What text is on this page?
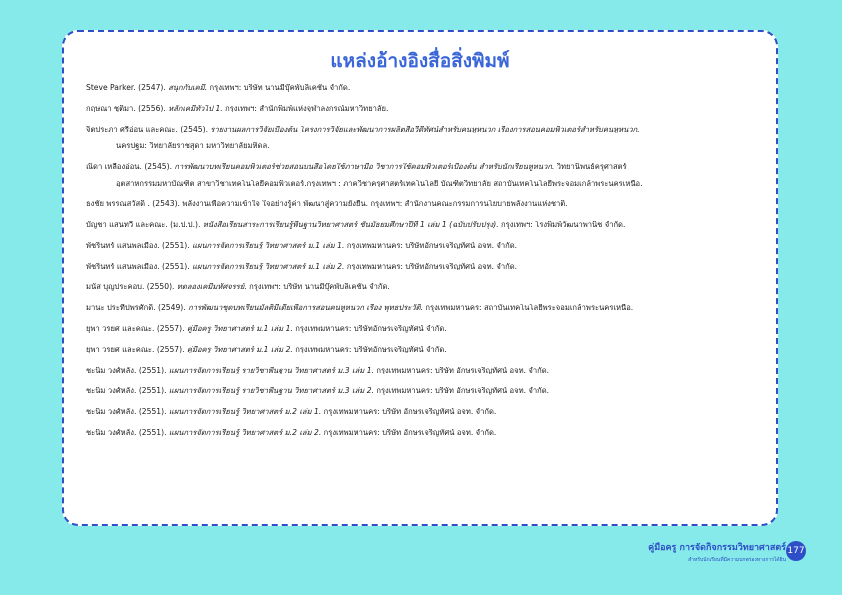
แหล่งอ้างอิงสื่อสิ่งพิมพ์
Steve Parker. (2547). สนุกกับเคมี. กรุงเทพฯ: บริษัท นานมีบุ๊คพับลิเคชั่น จำกัด.
กฤษณา ชุติมา. (2556). หลักเคมีทั่วไป 1. กรุงเทพฯ: สำนักพิมพ์แห่งจุฬาลงกรณ์มหาวิทยาลัย.
จิตประภา ศรีอ่อน และคณะ. (2545). รายงานผลการวิจัยเบื้องต้น โครงการวิจัยและพัฒนาการผลิตสื่อวีดีทัศน์สำหรับคนหูหนวก เรื่องการสอนคอมพิวเตอร์สำหรับคนหูหนวก.
นครปฐม: วิทยาลัยราชสุดา มหาวิทยาลัยมหิดล.
ณิดา เหลืองอ่อน. (2545). การพัฒนาบทเรียนคอมพิวเตอร์ช่วยสอนบนสื่อโดยใช้ภาษามือ วิชาการใช้คอมพิวเตอร์เบื้องต้น สำหรับนักเรียนหูหนวก. วิทยานิพนธ์ครุศาสตร์
อุตสาหกรรมมหาบัณฑิต สาขาวิชาเทคโนโลยีคอมพิวเตอร์.กรุงเทพฯ : ภาควิชาครุศาสตร์เทคโนโลยี บัณฑิตวิทยาลัย สถาบันเทคโนโลยีพระจอมเกล้าพระนครเหนือ.
ธงชัย พรรณสวัสดิ์ . (2543). พลังงานเพื่อความเข้าใจ ใจอย่างรู้ค่า พัฒนาสู่ความยั่งยืน. กรุงเทพฯ: สำนักงานคณะกรรมการนโยบายพลังงานแห่งชาติ.
บัญชา แสนทวี และคณะ. (ม.ป.ป.). หนังสือเรียนสาระการเรียนรู้พื้นฐานวิทยาศาสตร์ ชั้นมัธยมศึกษาปีที่ 1 เล่ม 1 (ฉบับปรับปรุง). กรุงเทพฯ: โรงพิมพ์วัฒนาพานิช จำกัด.
พัชรินทร์ แสนพลเมือง. (2551). แผนการจัดการเรียนรู้ วิทยาศาสตร์ ม.1 เล่ม 1. กรุงเทพมหานคร: บริษัทอักษรเจริญทัศน์ อจท. จำกัด.
พัชรินทร์ แสนพลเมือง. (2551). แผนการจัดการเรียนรู้ วิทยาศาสตร์ ม.1 เล่ม 2. กรุงเทพมหานคร: บริษัทอักษรเจริญทัศน์ อจท. จำกัด.
มนัส บุญประคอบ. (2550). ทดลองเคมีมหัศจรรย์. กรุงเทพฯ: บริษัท นานมีบุ๊คพับลิเคชั่น จำกัด.
มานะ ประทีปพรศักดิ์. (2549). การพัฒนาชุดบทเรียนมัลติมีเดียเพื่อการสอนคนหูหนวก เรื่อง พุทธประวัติ. กรุงเทพมหานคร: สถาบันเทคโนโลยีพระจอมเกล้าพระนครเหนือ.
ยุพา วรยศ และคณะ. (2557). คู่มือครู วิทยาศาสตร์ ม.1 เล่ม 1. กรุงเทพมหานคร: บริษัทอักษรเจริญทัศน์ จำกัด.
ยุพา วรยศ และคณะ. (2557). คู่มือครู วิทยาศาสตร์ ม.1 เล่ม 2. กรุงเทพมหานคร: บริษัทอักษรเจริญทัศน์ จำกัด.
ชะนิม วงศ์หลัง. (2551). แผนการจัดการเรียนรู้ รายวิชาพื้นฐาน วิทยาศาสตร์ ม.3 เล่ม 1. กรุงเทพมหานคร: บริษัท อักษรเจริญทัศน์ อจท. จำกัด.
ชะนิม วงศ์หลัง. (2551). แผนการจัดการเรียนรู้ รายวิชาพื้นฐาน วิทยาศาสตร์ ม.3 เล่ม 2. กรุงเทพมหานคร: บริษัท อักษรเจริญทัศน์ อจท. จำกัด.
ชะนิม วงศ์หลัง. (2551). แผนการจัดการเรียนรู้ วิทยาศาสตร์ ม.2 เล่ม 1. กรุงเทพมหานคร: บริษัท อักษรเจริญทัศน์ อจท. จำกัด.
ชะนิม วงศ์หลัง. (2551). แผนการจัดการเรียนรู้ วิทยาศาสตร์ ม.2 เล่ม 2. กรุงเทพมหานคร: บริษัท อักษรเจริญทัศน์ อจท. จำกัด.
คู่มือครู การจัดกิจกรรมวิทยาศาสตร์
สำหรับนักเรียนที่มีความบกพร่องทางการได้ยิน
177
